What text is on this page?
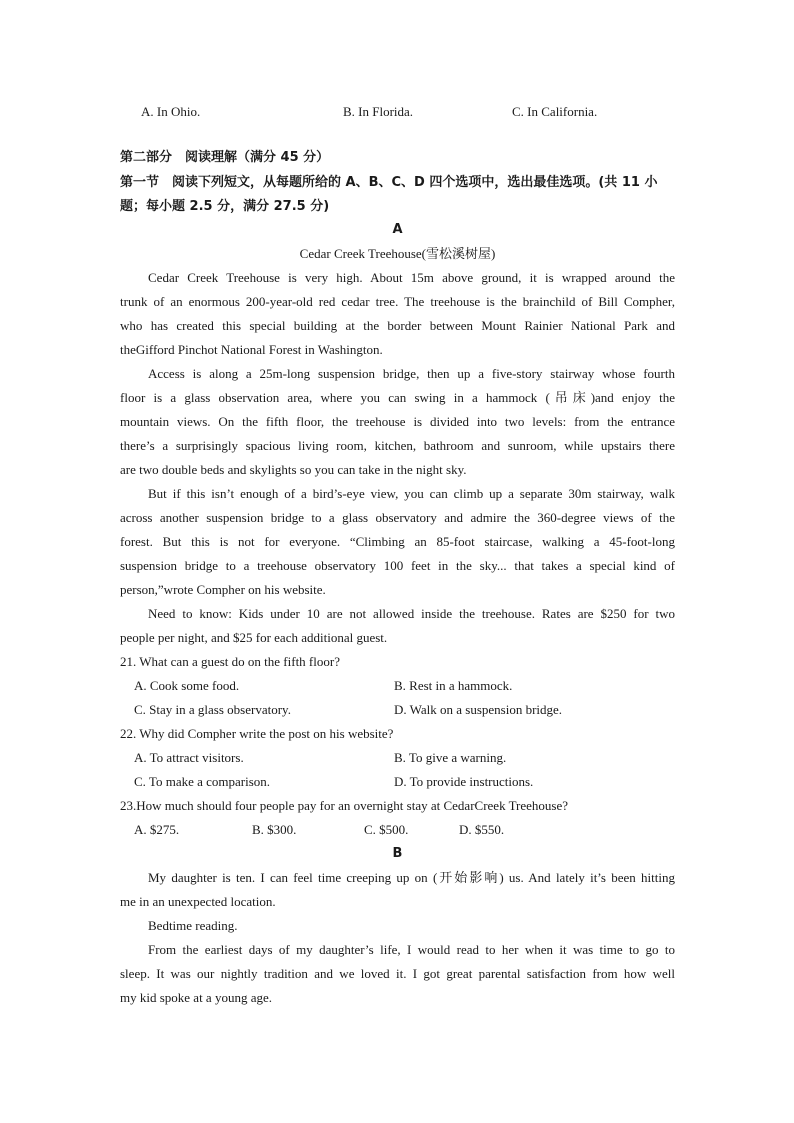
A. In Ohio.	B. In Florida.	C. In California.
第二部分　阅读理解（满分 45 分）
第一节　阅读下列短文，从每题所给的 A、B、C、D 四个选项中，选出最佳选项。(共 11 小
题；每小题 2.5 分，满分 27.5 分)
A
Cedar Creek Treehouse(雪松溪树屋)
Cedar Creek Treehouse is very high. About 15m above ground, it is wrapped around the
trunk of an enormous 200-year-old red cedar tree. The treehouse is the brainchild of Bill Compher,
who has created this special building at the border between Mount Rainier National Park and
theGifford Pinchot National Forest in Washington.
Access is along a 25m-long suspension bridge, then up a five-story stairway whose fourth
floor is a glass observation area, where you can swing in a hammock (吊床)and enjoy the
mountain views. On the fifth floor, the treehouse is divided into two levels: from the entrance
there’s a surprisingly spacious living room, kitchen, bathroom and sunroom, while upstairs there
are two double beds and skylights so you can take in the night sky.
But if this isn’t enough of a bird’s-eye view, you can climb up a separate 30m stairway, walk
across another suspension bridge to a glass observatory and admire the 360-degree views of the
forest. But this is not for everyone. “Climbing an 85-foot staircase, walking a 45-foot-long
suspension bridge to a treehouse observatory 100 feet in the sky... that takes a special kind of
person,”wrote Compher on his website.
Need to know: Kids under 10 are not allowed inside the treehouse. Rates are $250 for two
people per night, and $25 for each additional guest.
21. What can a guest do on the fifth floor?
A. Cook some food.	B. Rest in a hammock.
C. Stay in a glass observatory.	D. Walk on a suspension bridge.
22. Why did Compher write the post on his website?
A. To attract visitors.	B. To give a warning.
C. To make a comparison.	D. To provide instructions.
23.How much should four people pay for an overnight stay at CedarCreek Treehouse?
A. $275.	B. $300.	C. $500.	D. $550.
B
My daughter is ten. I can feel time creeping up on (开始影响) us. And lately it’s been hitting
me in an unexpected location.
Bedtime reading.
From the earliest days of my daughter’s life, I would read to her when it was time to go to
sleep. It was our nightly tradition and we loved it. I got great parental satisfaction from how well
my kid spoke at a young age.
